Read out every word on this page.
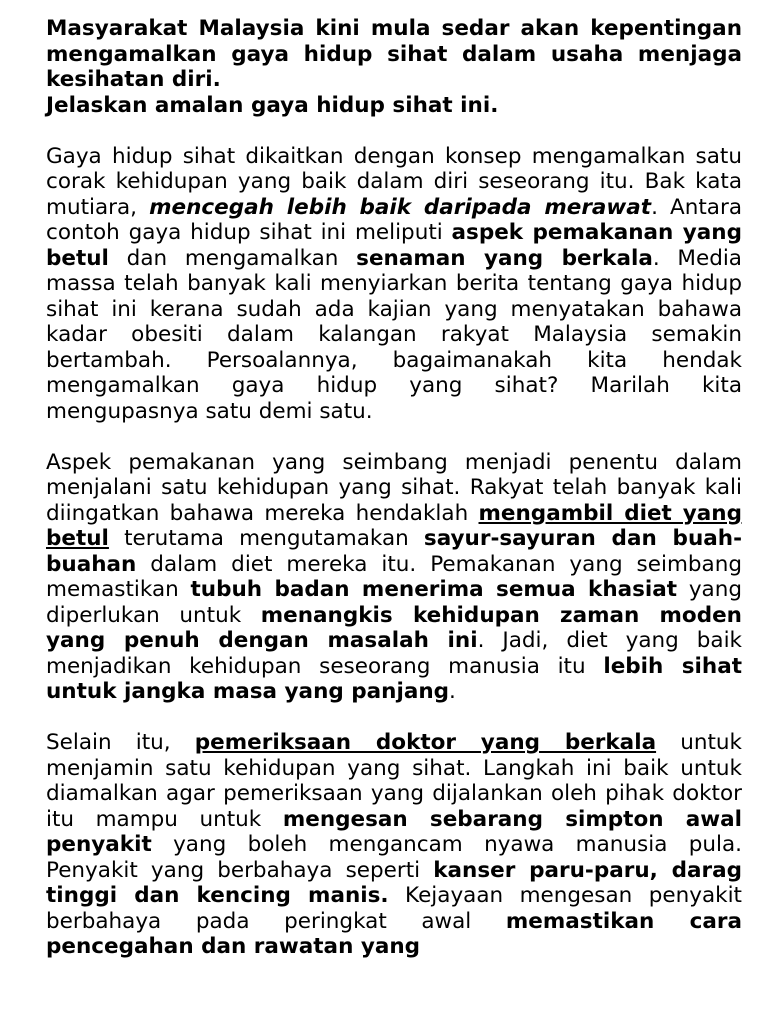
Masyarakat Malaysia kini mula sedar akan kepentingan mengamalkan gaya hidup sihat dalam usaha menjaga kesihatan diri.
Jelaskan amalan gaya hidup sihat ini.

Gaya hidup sihat dikaitkan dengan konsep mengamalkan satu corak kehidupan yang baik dalam diri seseorang itu. Bak kata mutiara, mencegah lebih baik daripada merawat. Antara contoh gaya hidup sihat ini meliputi aspek pemakanan yang betul dan mengamalkan senaman yang berkala. Media massa telah banyak kali menyiarkan berita tentang gaya hidup sihat ini kerana sudah ada kajian yang menyatakan bahawa kadar obesiti dalam kalangan rakyat Malaysia semakin bertambah. Persoalannya, bagaimanakah kita hendak mengamalkan gaya hidup yang sihat? Marilah kita mengupasnya satu demi satu.

Aspek pemakanan yang seimbang menjadi penentu dalam menjalani satu kehidupan yang sihat. Rakyat telah banyak kali diingatkan bahawa mereka hendaklah mengambil diet yang betul terutama mengutamakan sayur-sayuran dan buah-buahan dalam diet mereka itu. Pemakanan yang seimbang memastikan tubuh badan menerima semua khasiat yang diperlukan untuk menangkis kehidupan zaman moden yang penuh dengan masalah ini. Jadi, diet yang baik menjadikan kehidupan seseorang manusia itu lebih sihat untuk jangka masa yang panjang.

Selain itu, pemeriksaan doktor yang berkala untuk menjamin satu kehidupan yang sihat. Langkah ini baik untuk diamalkan agar pemeriksaan yang dijalankan oleh pihak doktor itu mampu untuk mengesan sebarang simpton awal penyakit yang boleh mengancam nyawa manusia pula. Penyakit yang berbahaya seperti kanser paru-paru, darag tinggi dan kencing manis. Kejayaan mengesan penyakit berbahaya pada peringkat awal memastikan cara pencegahan dan rawatan yang
